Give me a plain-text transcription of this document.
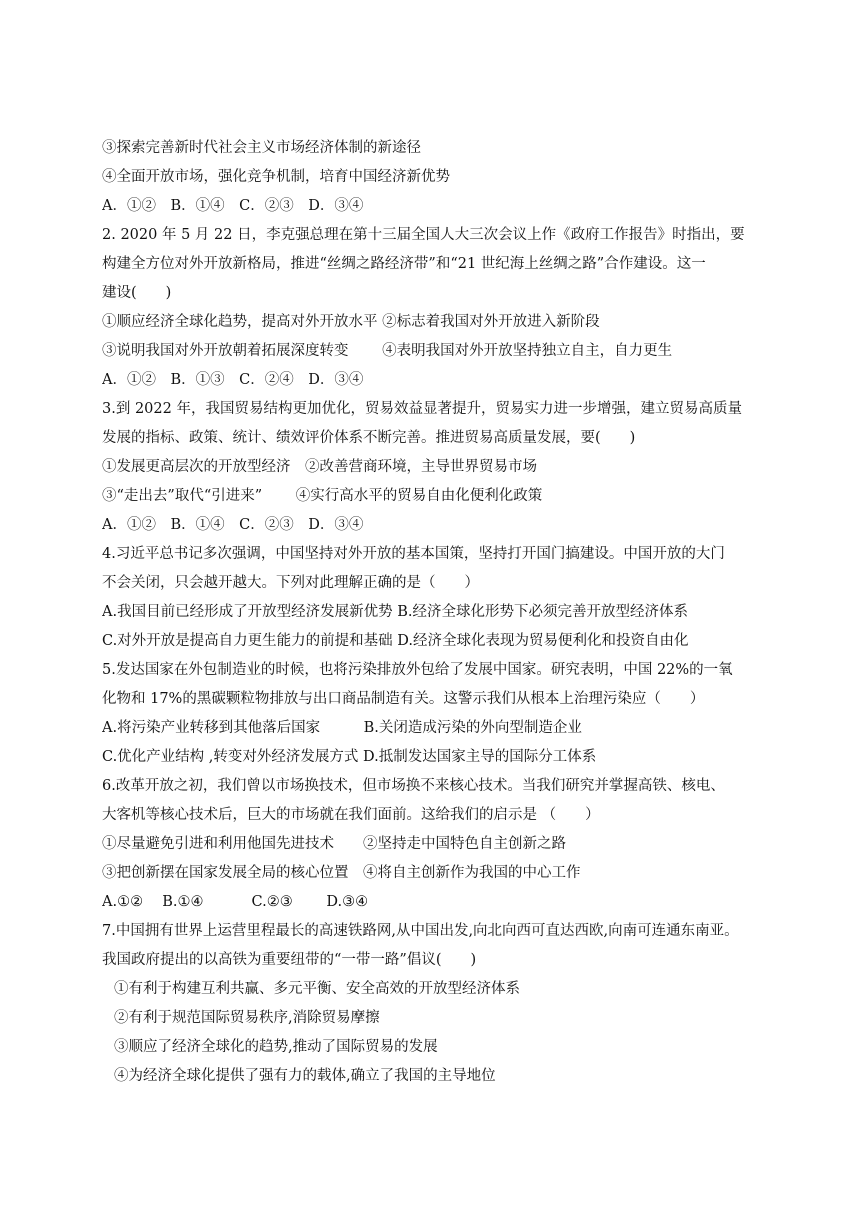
③探索完善新时代社会主义市场经济体制的新途径
④全面开放市场，强化竞争机制，培育中国经济新优势
A．①②　B．①④　C．②③　D．③④
2. 2020 年 5 月 22 日，李克强总理在第十三届全国人大三次会议上作《政府工作报告》时指出，要
构建全方位对外开放新格局，推进“丝绸之路经济带”和“21 世纪海上丝绸之路”合作建设。这一
建设(　　)
①顺应经济全球化趋势，提高对外开放水平 ②标志着我国对外开放进入新阶段
③说明我国对外开放朝着拓展深度转变　　 ④表明我国对外开放坚持独立自主，自力更生
A．①②　B．①③　C．②④　D．③④
3.到 2022 年，我国贸易结构更加优化，贸易效益显著提升，贸易实力进一步增强，建立贸易高质量
发展的指标、政策、统计、绩效评价体系不断完善。推进贸易高质量发展，要(　　)
①发展更高层次的开放型经济　②改善营商环境，主导世界贸易市场
③“走出去”取代“引进来”　　 ④实行高水平的贸易自由化便利化政策
A．①②　B．①④　C．②③　D．③④
4.习近平总书记多次强调，中国坚持对外开放的基本国策，坚持打开国门搞建设。中国开放的大门
不会关闭，只会越开越大。下列对此理解正确的是（　　）
A.我国目前已经形成了开放型经济发展新优势 B.经济全球化形势下必须完善开放型经济体系
C.对外开放是提高自力更生能力的前提和基础 D.经济全球化表现为贸易便利化和投资自由化
5.发达国家在外包制造业的时候，也将污染排放外包给了发展中国家。研究表明，中国 22%的一氧
化物和 17%的黑碳颗粒物排放与出口商品制造有关。这警示我们从根本上治理污染应（　　）
A.将污染产业转移到其他落后国家　　　B.关闭造成污染的外向型制造企业
C.优化产业结构 ,转变对外经济发展方式 D.抵制发达国家主导的国际分工体系
6.改革开放之初，我们曾以市场换技术，但市场换不来核心技术。当我们研究并掌握高铁、核电、
大客机等核心技术后，巨大的市场就在我们面前。这给我们的启示是 （　　）
①尽量避免引进和利用他国先进技术　　②坚持走中国特色自主创新之路
③把创新摆在国家发展全局的核心位置　④将自主创新作为我国的中心工作
A.①②　 B.①④　　　 C.②③　　 D.③④
7.中国拥有世界上运营里程最长的高速铁路网,从中国出发,向北向西可直达西欧,向南可连通东南亚。
我国政府提出的以高铁为重要纽带的“一带一路”倡议(　　)
①有利于构建互利共赢、多元平衡、安全高效的开放型经济体系
②有利于规范国际贸易秩序,消除贸易摩擦
③顺应了经济全球化的趋势,推动了国际贸易的发展
④为经济全球化提供了强有力的载体,确立了我国的主导地位
